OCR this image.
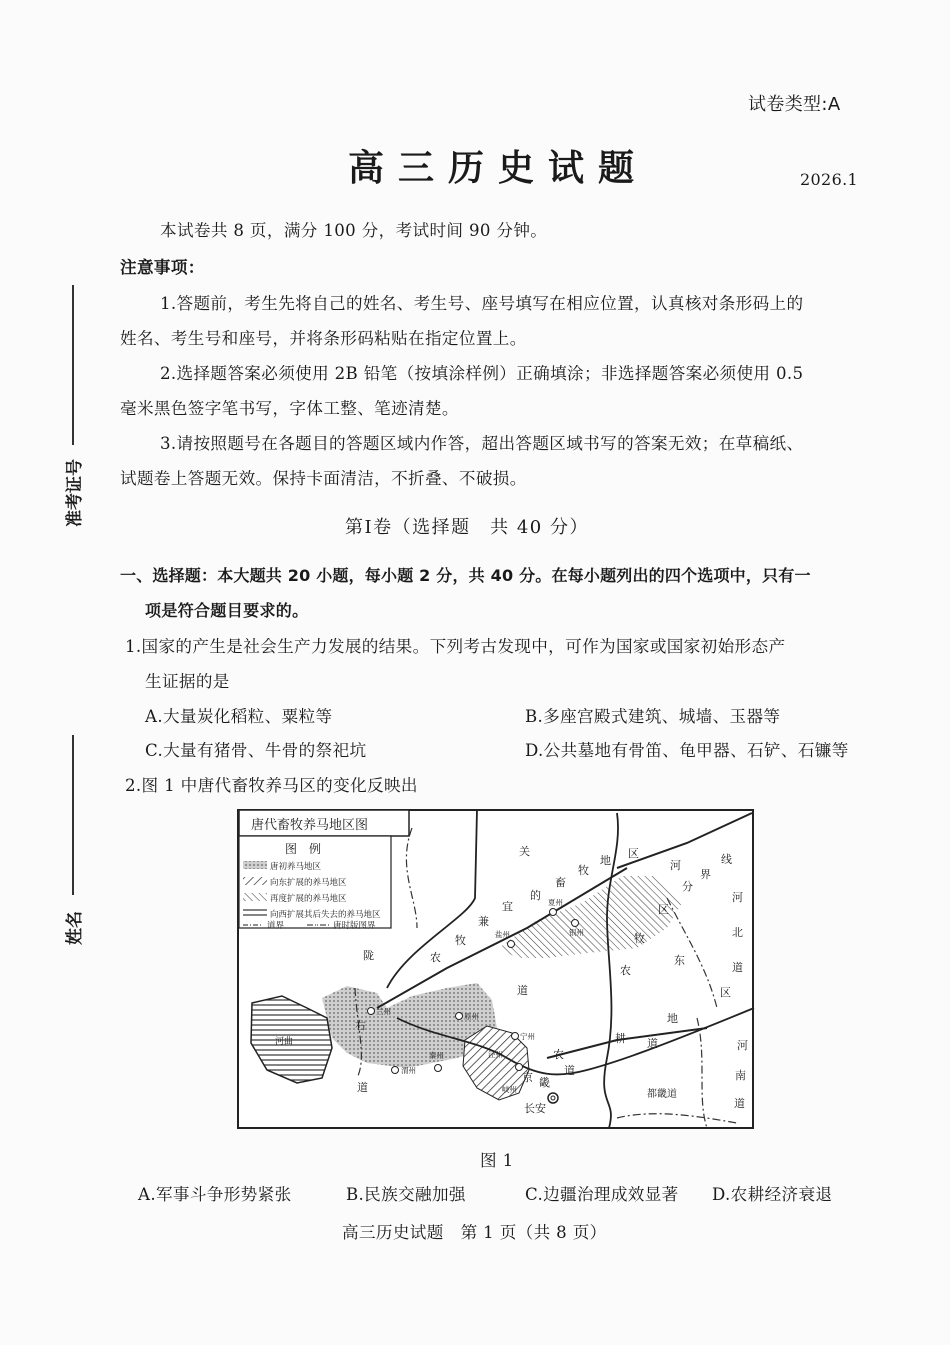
准考证号
姓名
试卷类型:A
高三历史试题	2026.1
本试卷共 8 页，满分 100 分，考试时间 90 分钟。
注意事项：
1.答题前，考生先将自己的姓名、考生号、座号填写在相应位置，认真核对条形码上的
姓名、考生号和座号，并将条形码粘贴在指定位置上。
2.选择题答案必须使用 2B 铅笔（按填涂样例）正确填涂；非选择题答案必须使用 0.5
毫米黑色签字笔书写，字体工整、笔迹清楚。
3.请按照题号在各题目的答题区域内作答，超出答题区域书写的答案无效；在草稿纸、
试题卷上答题无效。保持卡面清洁，不折叠、不破损。
第Ⅰ卷（选择题　共 40 分）
一、选择题：本大题共 20 小题，每小题 2 分，共 40 分。在每小题列出的四个选项中，只有一
项是符合题目要求的。
1.国家的产生是社会生产力发展的结果。下列考古发现中，可作为国家或国家初始形态产
生证据的是
A.大量炭化稻粒、粟粒等	B.多座宫殿式建筑、城墙、玉器等
C.大量有猪骨、牛骨的祭祀坑	D.公共墓地有骨笛、龟甲器、石铲、石镰等
2.图 1 中唐代畜牧养马区的变化反映出
唐代畜牧养马地区图
图　例
唐初养马地区
向东扩展的养马地区
再度扩展的养马地区
向西扩展其后失去的养马地区
道界	唐时版图界
关
道
陇
右
道
河
东
道
河
北
道
河
南
道
京 畿
道
都畿道
河曲
农
牧
兼
宜
的
畜
牧
地
区
农
耕
地
区
农
牧
区
分
界
线
夏州
盐州	银州
兰州
原州
宁州
泾州
秦州
渭州
岐州
长安
图 1
A.军事斗争形势紧张	B.民族交融加强	C.边疆治理成效显著 D.农耕经济衰退
高三历史试题　第 1 页（共 8 页）
